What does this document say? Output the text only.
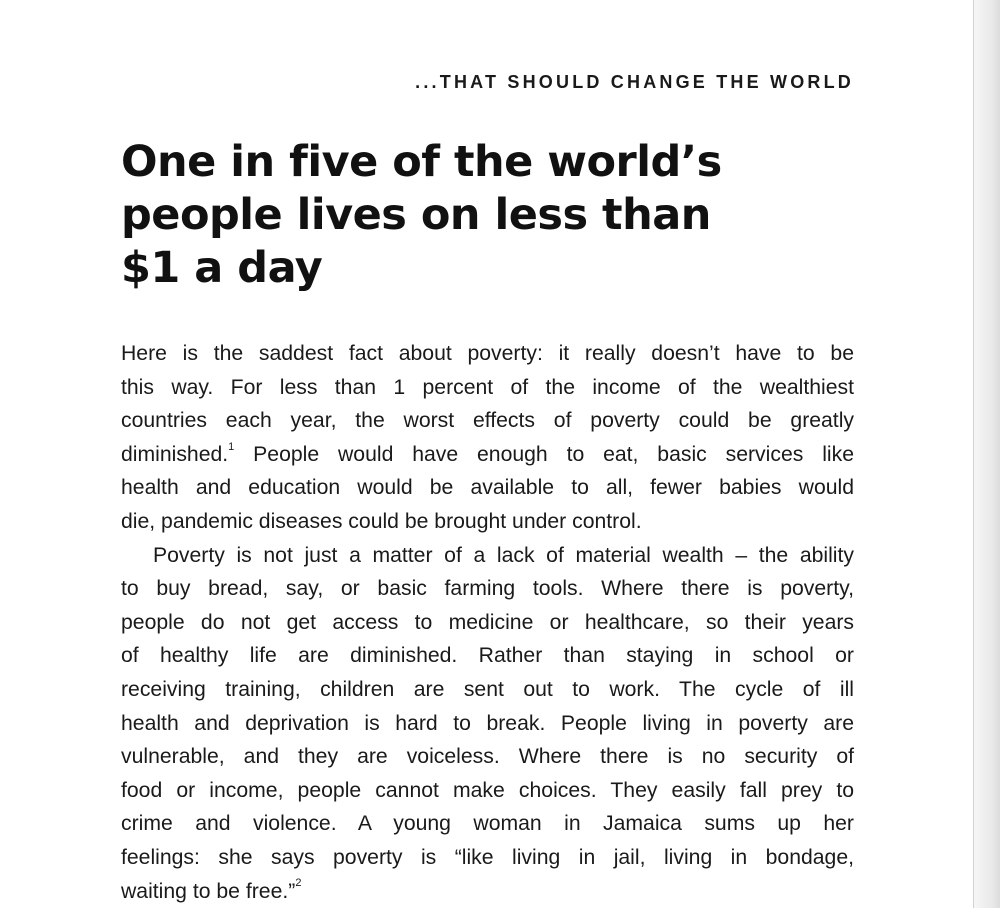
...THAT SHOULD CHANGE THE WORLD
One in five of the world’s
people lives on less than
$1 a day
Here is the saddest fact about poverty: it really doesn’t have to be
this way. For less than 1 percent of the income of the wealthiest
countries each year, the worst effects of poverty could be greatly
diminished.$^1$ People would have enough to eat, basic services like
health and education would be available to all, fewer babies would
die, pandemic diseases could be brought under control.
Poverty is not just a matter of a lack of material wealth – the ability
to buy bread, say, or basic farming tools. Where there is poverty,
people do not get access to medicine or healthcare, so their years
of healthy life are diminished. Rather than staying in school or
receiving training, children are sent out to work. The cycle of ill
health and deprivation is hard to break. People living in poverty are
vulnerable, and they are voiceless. Where there is no security of
food or income, people cannot make choices. They easily fall prey to
crime and violence. A young woman in Jamaica sums up her
feelings: she says poverty is “like living in jail, living in bondage,
waiting to be free.”$^2$
